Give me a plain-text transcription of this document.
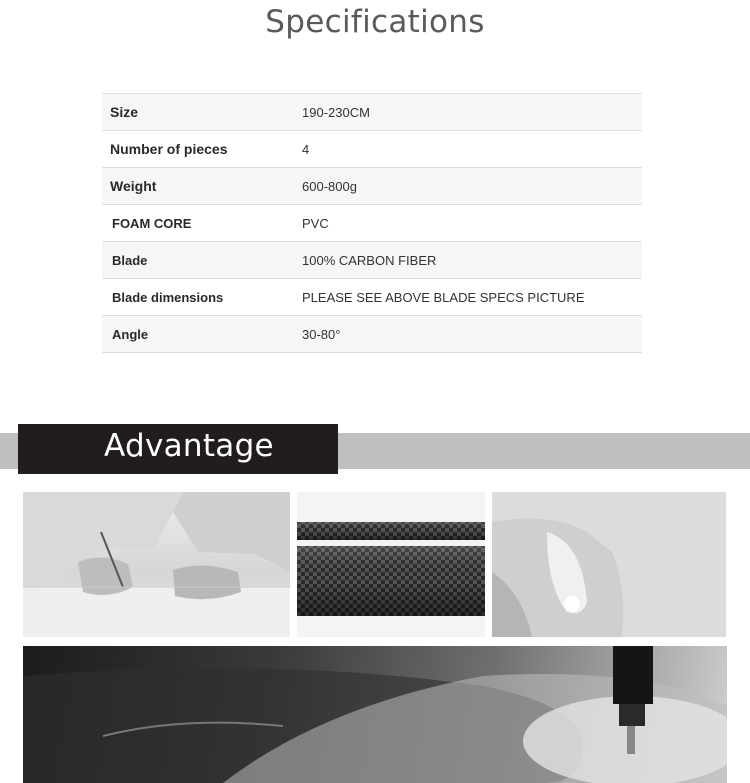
Specifications
Size	190-230CM
Number of pieces	4
Weight	600-800g
FOAM CORE	PVC
Blade	100% CARBON FIBER
Blade dimensions	PLEASE SEE ABOVE BLADE SPECS PICTURE
Angle	30-80°
Advantage
